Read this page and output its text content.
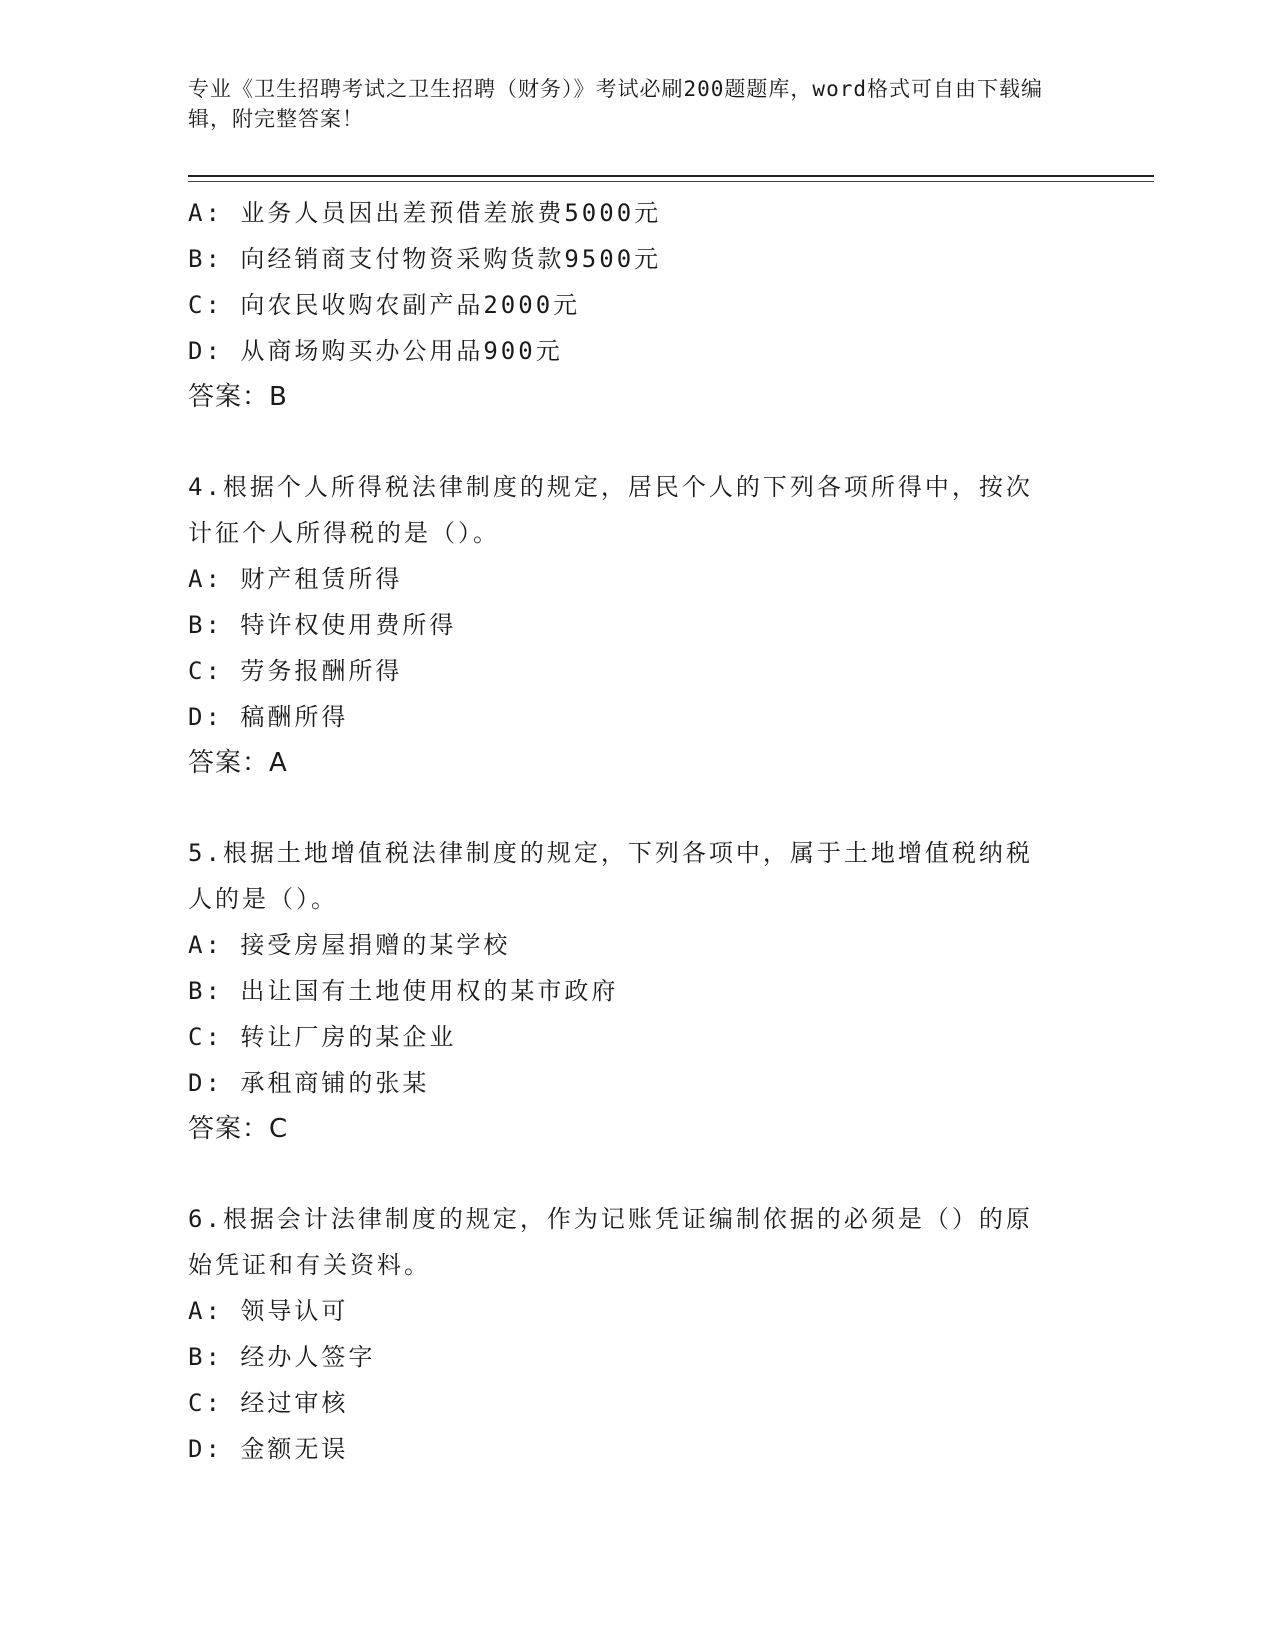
专业《卫生招聘考试之卫生招聘（财务）》考试必刷200题题库，word格式可自由下载编辑，附完整答案！
A: 业务人员因出差预借差旅费5000元
B: 向经销商支付物资采购货款9500元
C: 向农民收购农副产品2000元
D: 从商场购买办公用品900元
答案：B
4.根据个人所得税法律制度的规定，居民个人的下列各项所得中，按次计征个人所得税的是（）。
A: 财产租赁所得
B: 特许权使用费所得
C: 劳务报酬所得
D: 稿酬所得
答案：A
5.根据土地增值税法律制度的规定，下列各项中，属于土地增值税纳税人的是（）。
A: 接受房屋捐赠的某学校
B: 出让国有土地使用权的某市政府
C: 转让厂房的某企业
D: 承租商铺的张某
答案：C
6.根据会计法律制度的规定，作为记账凭证编制依据的必须是（）的原始凭证和有关资料。
A: 领导认可
B: 经办人签字
C: 经过审核
D: 金额无误
